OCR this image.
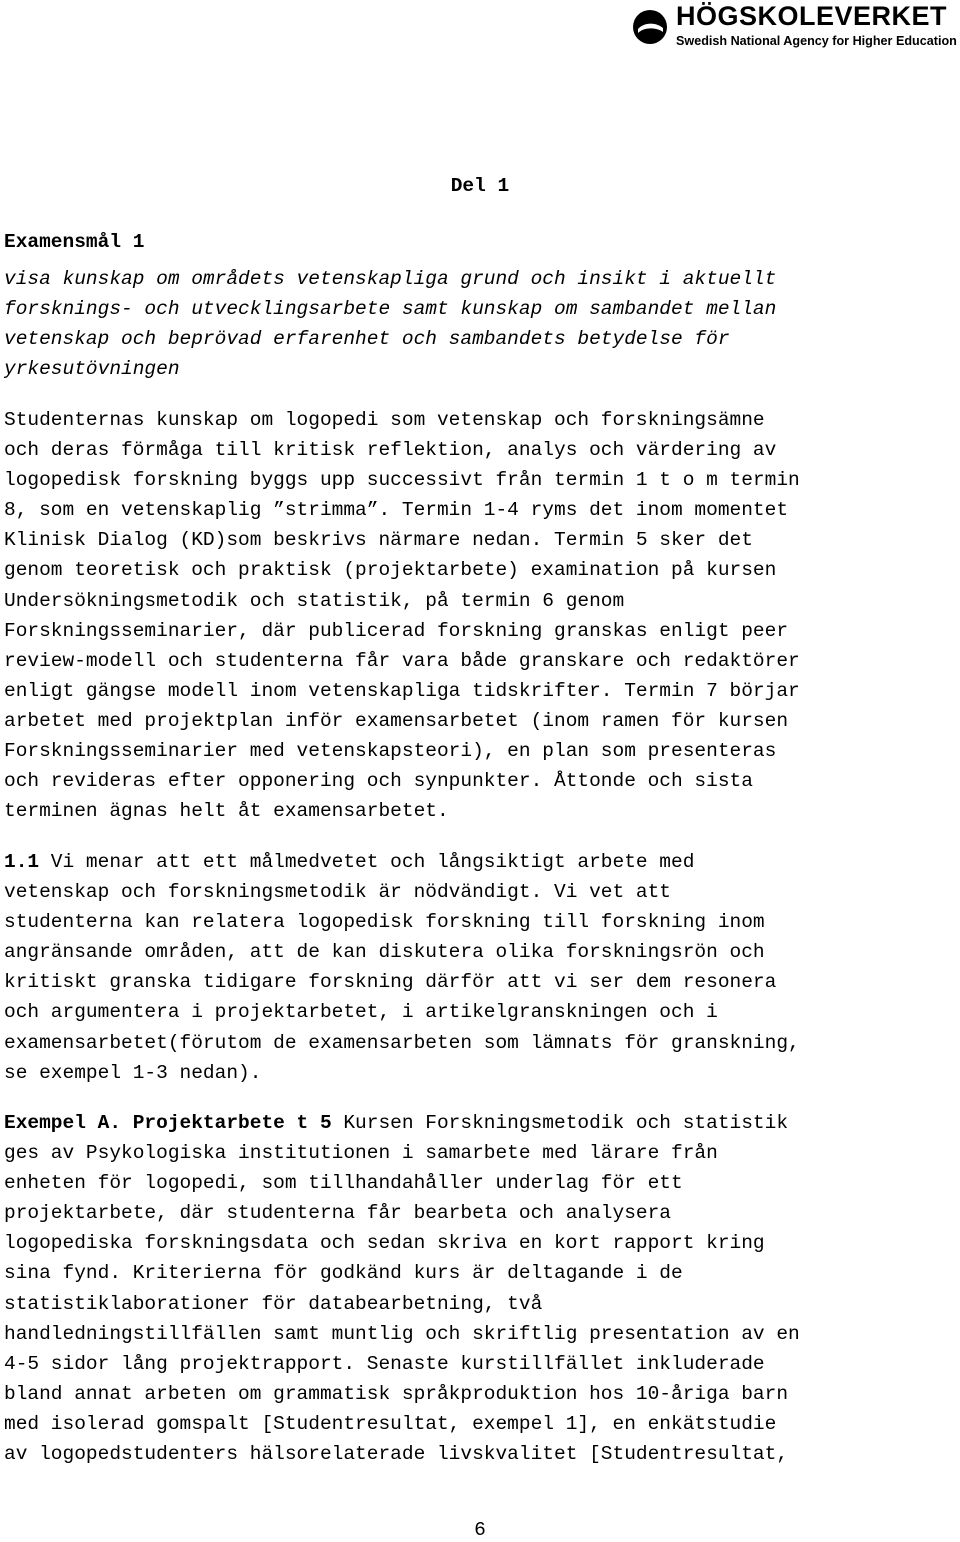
HÖGSKOLEVERKET
Swedish National Agency for Higher Education
Del 1
Examensmål 1
visa kunskap om områdets vetenskapliga grund och insikt i aktuellt
forsknings- och utvecklingsarbete samt kunskap om sambandet mellan
vetenskap och beprövad erfarenhet och sambandets betydelse för
yrkesutövningen
Studenternas kunskap om logopedi som vetenskap och forskningsämne
och deras förmåga till kritisk reflektion, analys och värdering av
logopedisk forskning byggs upp successivt från termin 1 t o m termin
8, som en vetenskaplig ”strimma”. Termin 1-4 ryms det inom momentet
Klinisk Dialog (KD)som beskrivs närmare nedan. Termin 5 sker det
genom teoretisk och praktisk (projektarbete) examination på kursen
Undersökningsmetodik och statistik, på termin 6 genom
Forskningsseminarier, där publicerad forskning granskas enligt peer
review-modell och studenterna får vara både granskare och redaktörer
enligt gängse modell inom vetenskapliga tidskrifter. Termin 7 börjar
arbetet med projektplan inför examensarbetet (inom ramen för kursen
Forskningsseminarier med vetenskapsteori), en plan som presenteras
och revideras efter opponering och synpunkter. Åttonde och sista
terminen ägnas helt åt examensarbetet.
1.1 Vi menar att ett målmedvetet och långsiktigt arbete med
vetenskap och forskningsmetodik är nödvändigt. Vi vet att
studenterna kan relatera logopedisk forskning till forskning inom
angränsande områden, att de kan diskutera olika forskningsrön och
kritiskt granska tidigare forskning därför att vi ser dem resonera
och argumentera i projektarbetet, i artikelgranskningen och i
examensarbetet(förutom de examensarbeten som lämnats för granskning,
se exempel 1-3 nedan).
Exempel A. Projektarbete t 5 Kursen Forskningsmetodik och statistik
ges av Psykologiska institutionen i samarbete med lärare från
enheten för logopedi, som tillhandahåller underlag för ett
projektarbete, där studenterna får bearbeta och analysera
logopediska forskningsdata och sedan skriva en kort rapport kring
sina fynd. Kriterierna för godkänd kurs är deltagande i de
statistiklaborationer för databearbetning, två
handledningstillfällen samt muntlig och skriftlig presentation av en
4-5 sidor lång projektrapport. Senaste kurstillfället inkluderade
bland annat arbeten om grammatisk språkproduktion hos 10-åriga barn
med isolerad gomspalt [Studentresultat, exempel 1], en enkätstudie
av logopedstudenters hälsorelaterade livskvalitet [Studentresultat,
6
